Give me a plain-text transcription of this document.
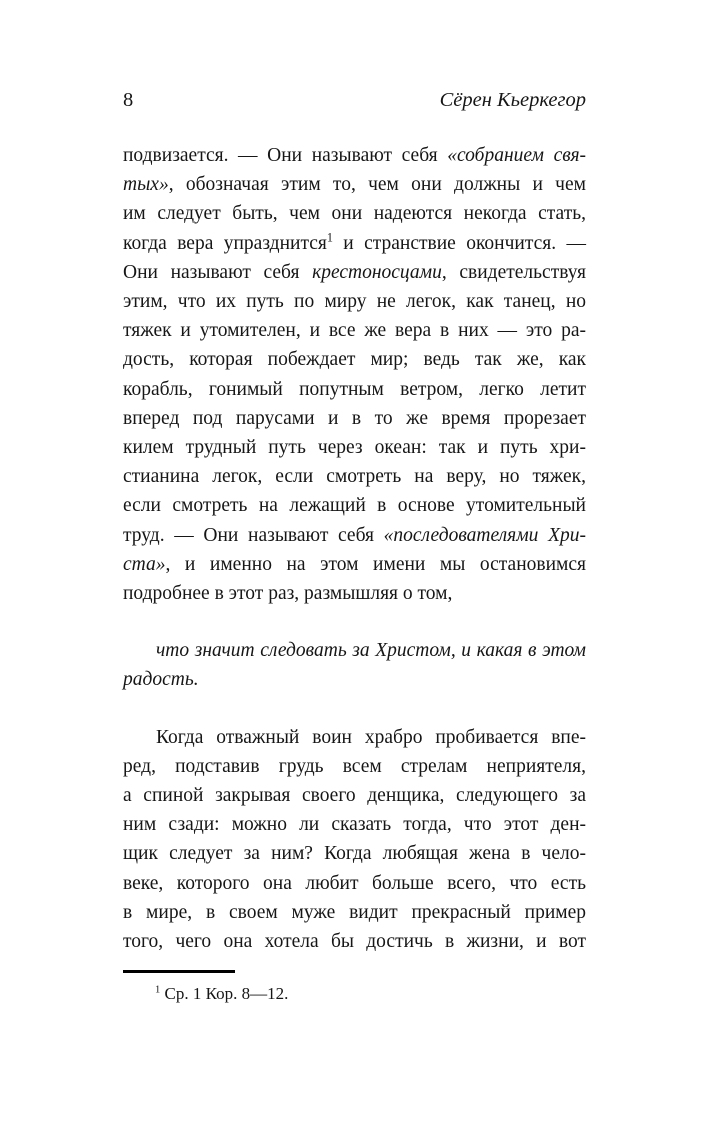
8	Сёрен Кьеркегор
подвизается. — Они называют себя «собранием свя-
тых», обозначая этим то, чем они должны и чем
им следует быть, чем они надеются некогда стать,
когда вера упразднится$^1$ и странствие окончится. —
Они называют себя крестоносцами, свидетельствуя
этим, что их путь по миру не легок, как танец, но
тяжек и утомителен, и все же вера в них — это ра-
дость, которая побеждает мир; ведь так же, как
корабль, гонимый попутным ветром, легко летит
вперед под парусами и в то же время прорезает
килем трудный путь через океан: так и путь хри-
стианина легок, если смотреть на веру, но тяжек,
если смотреть на лежащий в основе утомительный
труд. — Они называют себя «последователями Хри-
ста», и именно на этом имени мы остановимся
подробнее в этот раз, размышляя о том,
что значит следовать за Христом, и какая в этом
радость.
Когда отважный воин храбро пробивается впе-
ред, подставив грудь всем стрелам неприятеля,
а спиной закрывая своего денщика, следующего за
ним сзади: можно ли сказать тогда, что этот ден-
щик следует за ним? Когда любящая жена в чело-
веке, которого она любит больше всего, что есть
в мире, в своем муже видит прекрасный пример
того, чего она хотела бы достичь в жизни, и вот
$^1$ Ср. 1 Кор. 8—12.
